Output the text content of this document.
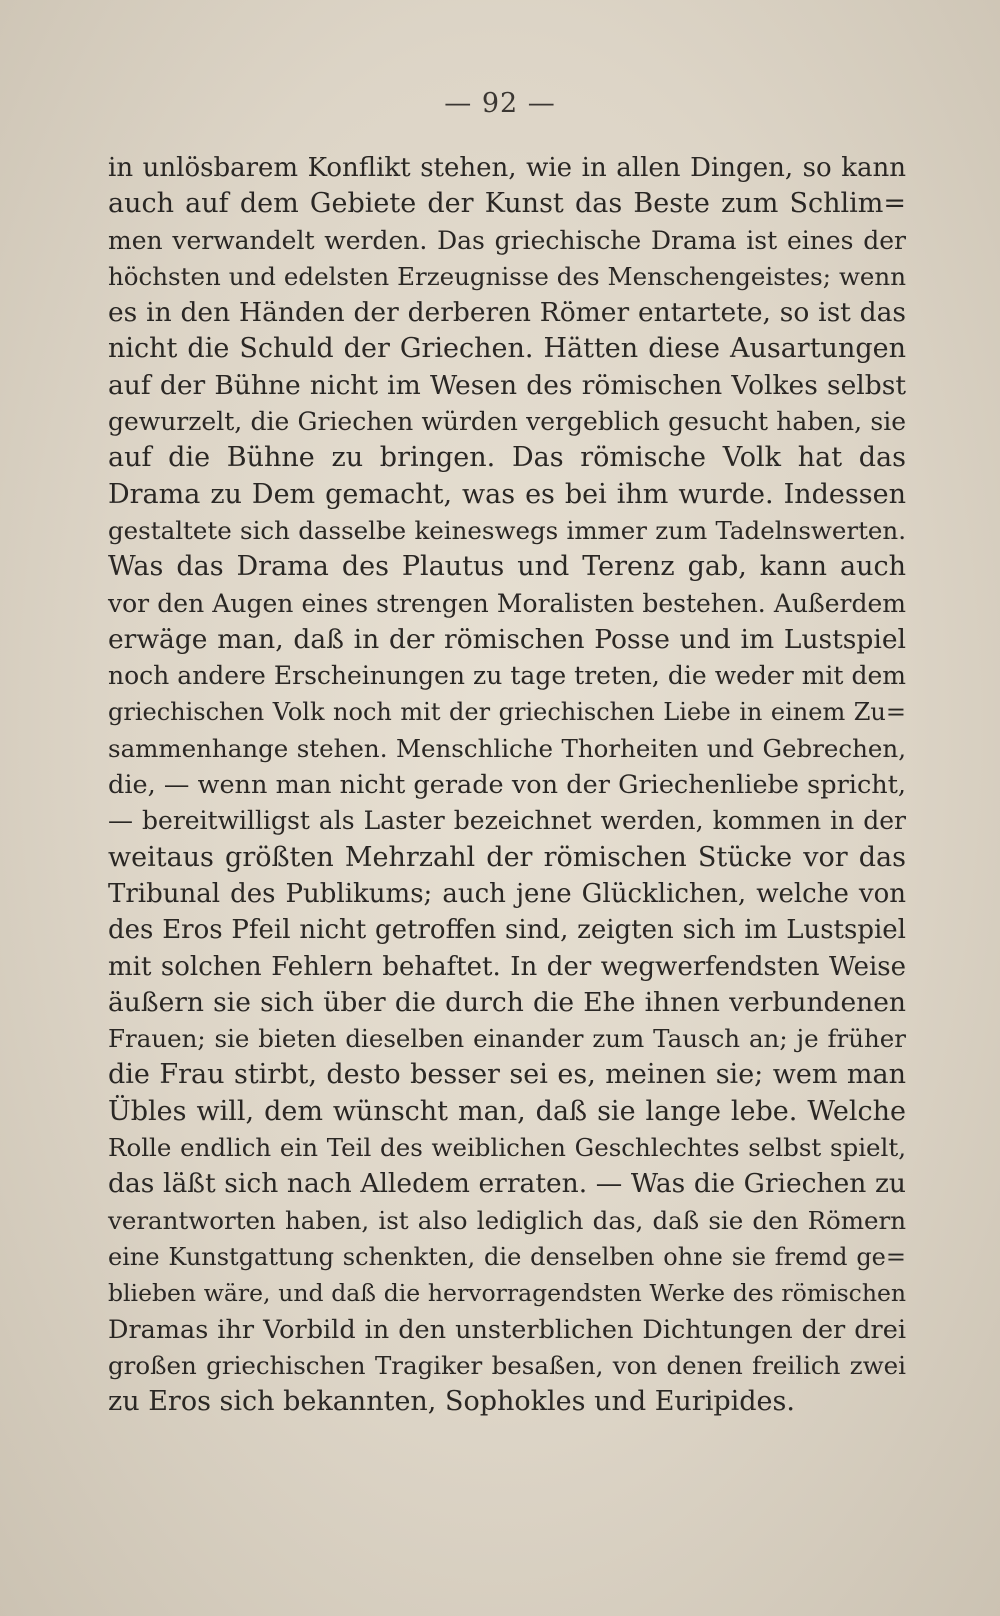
— 92 —
in unlösbarem Konflikt stehen, wie in allen Dingen, so kann
auch auf dem Gebiete der Kunst das Beste zum Schlim=
men verwandelt werden. Das griechische Drama ist eines der
höchsten und edelsten Erzeugnisse des Menschengeistes; wenn
es in den Händen der derberen Römer entartete, so ist das
nicht die Schuld der Griechen. Hätten diese Ausartungen
auf der Bühne nicht im Wesen des römischen Volkes selbst
gewurzelt, die Griechen würden vergeblich gesucht haben, sie
auf die Bühne zu bringen. Das römische Volk hat das
Drama zu Dem gemacht, was es bei ihm wurde. Indessen
gestaltete sich dasselbe keineswegs immer zum Tadelnswerten.
Was das Drama des Plautus und Terenz gab, kann auch
vor den Augen eines strengen Moralisten bestehen. Außerdem
erwäge man, daß in der römischen Posse und im Lustspiel
noch andere Erscheinungen zu tage treten, die weder mit dem
griechischen Volk noch mit der griechischen Liebe in einem Zu=
sammenhange stehen. Menschliche Thorheiten und Gebrechen,
die, — wenn man nicht gerade von der Griechenliebe spricht,
— bereitwilligst als Laster bezeichnet werden, kommen in der
weitaus größten Mehrzahl der römischen Stücke vor das
Tribunal des Publikums; auch jene Glücklichen, welche von
des Eros Pfeil nicht getroffen sind, zeigten sich im Lustspiel
mit solchen Fehlern behaftet. In der wegwerfendsten Weise
äußern sie sich über die durch die Ehe ihnen verbundenen
Frauen; sie bieten dieselben einander zum Tausch an; je früher
die Frau stirbt, desto besser sei es, meinen sie; wem man
Übles will, dem wünscht man, daß sie lange lebe. Welche
Rolle endlich ein Teil des weiblichen Geschlechtes selbst spielt,
das läßt sich nach Alledem erraten. — Was die Griechen zu
verantworten haben, ist also lediglich das, daß sie den Römern
eine Kunstgattung schenkten, die denselben ohne sie fremd ge=
blieben wäre, und daß die hervorragendsten Werke des römischen
Dramas ihr Vorbild in den unsterblichen Dichtungen der drei
großen griechischen Tragiker besaßen, von denen freilich zwei
zu Eros sich bekannten, Sophokles und Euripides.
